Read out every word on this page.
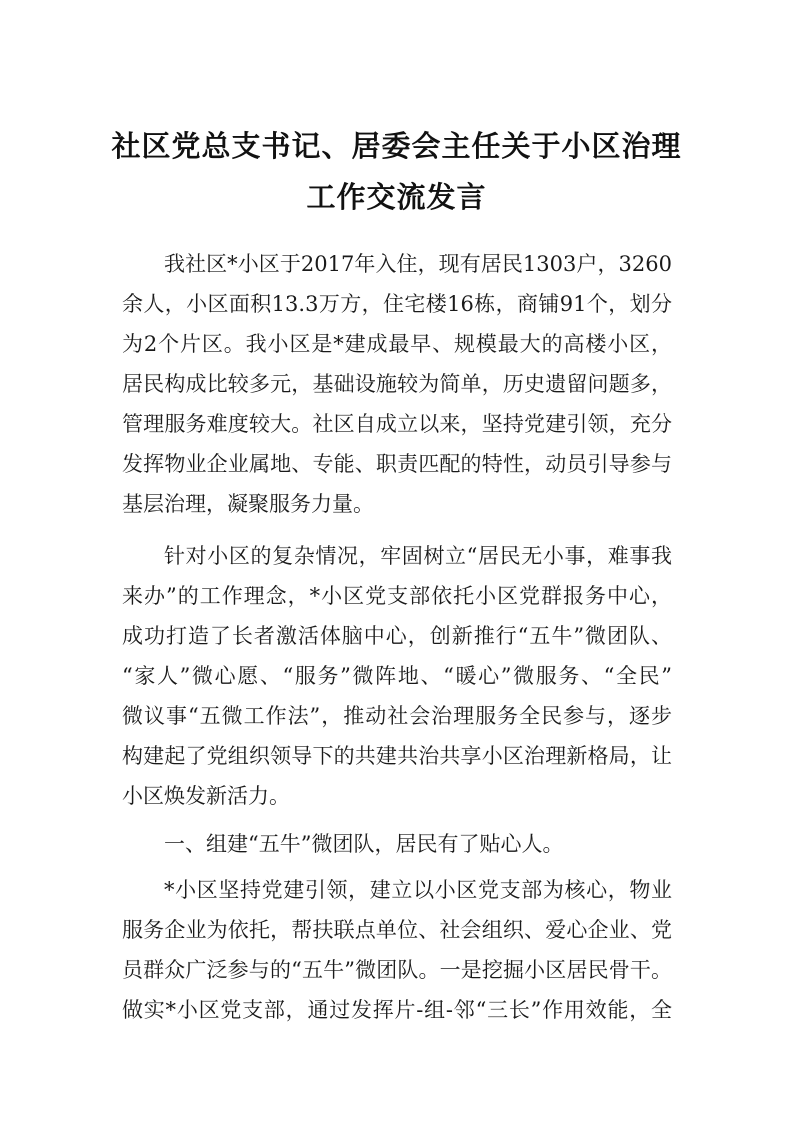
社区党总支书记、居委会主任关于小区治理
工作交流发言
我社区*小区于2017年入住，现有居民1303户，3260
余人，小区面积13.3万方，住宅楼16栋，商铺91个，划分
为2个片区。我小区是*建成最早、规模最大的高楼小区，
居民构成比较多元，基础设施较为简单，历史遗留问题多，
管理服务难度较大。社区自成立以来，坚持党建引领，充分
发挥物业企业属地、专能、职责匹配的特性，动员引导参与
基层治理，凝聚服务力量。
针对小区的复杂情况，牢固树立“居民无小事，难事我
来办”的工作理念，*小区党支部依托小区党群报务中心，
成功打造了长者激活体脑中心，创新推行“五牛”微团队、
“家人”微心愿、“服务”微阵地、“暖心”微服务、“全民”
微议事“五微工作法”，推动社会治理服务全民参与，逐步
构建起了党组织领导下的共建共治共享小区治理新格局，让
小区焕发新活力。
一、组建“五牛”微团队，居民有了贴心人。
*小区坚持党建引领，建立以小区党支部为核心，物业
服务企业为依托，帮扶联点单位、社会组织、爱心企业、党
员群众广泛参与的“五牛”微团队。一是挖掘小区居民骨干。
做实*小区党支部，通过发挥片-组-邻“三长”作用效能，全
